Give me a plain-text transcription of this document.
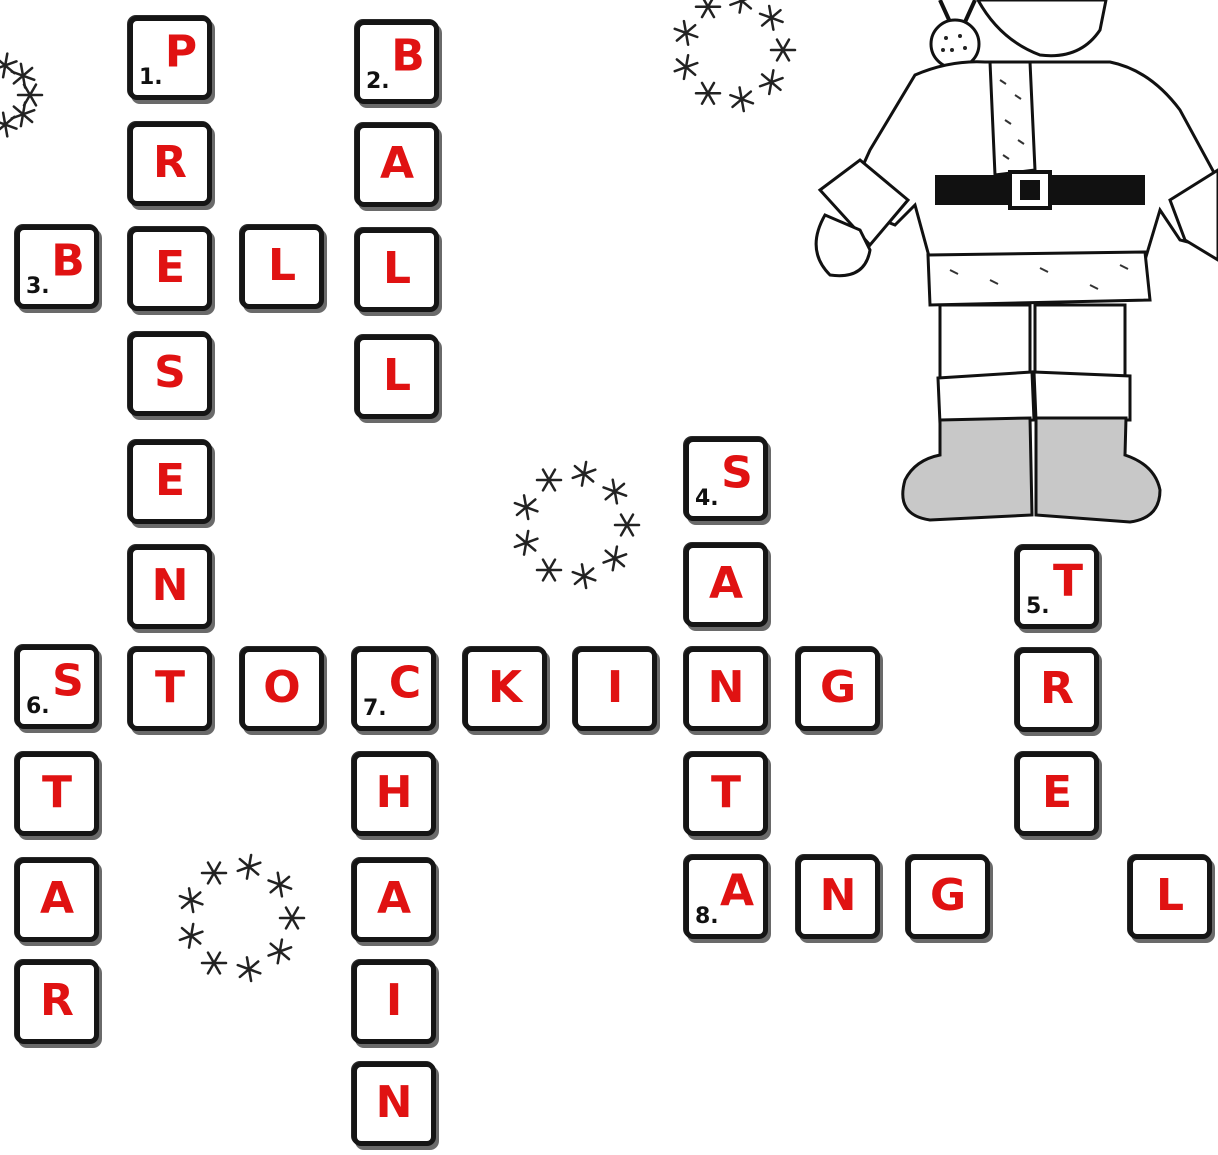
P
1.
R
E
S
E
N
T
B
2.
A
L
L
B
3.	L
S
4.
A
N
T
T
5.
R
E
S
6.	O	K	I	G
T
A
R
C
7.
H
A
I
N
N	G	L
A
8.
